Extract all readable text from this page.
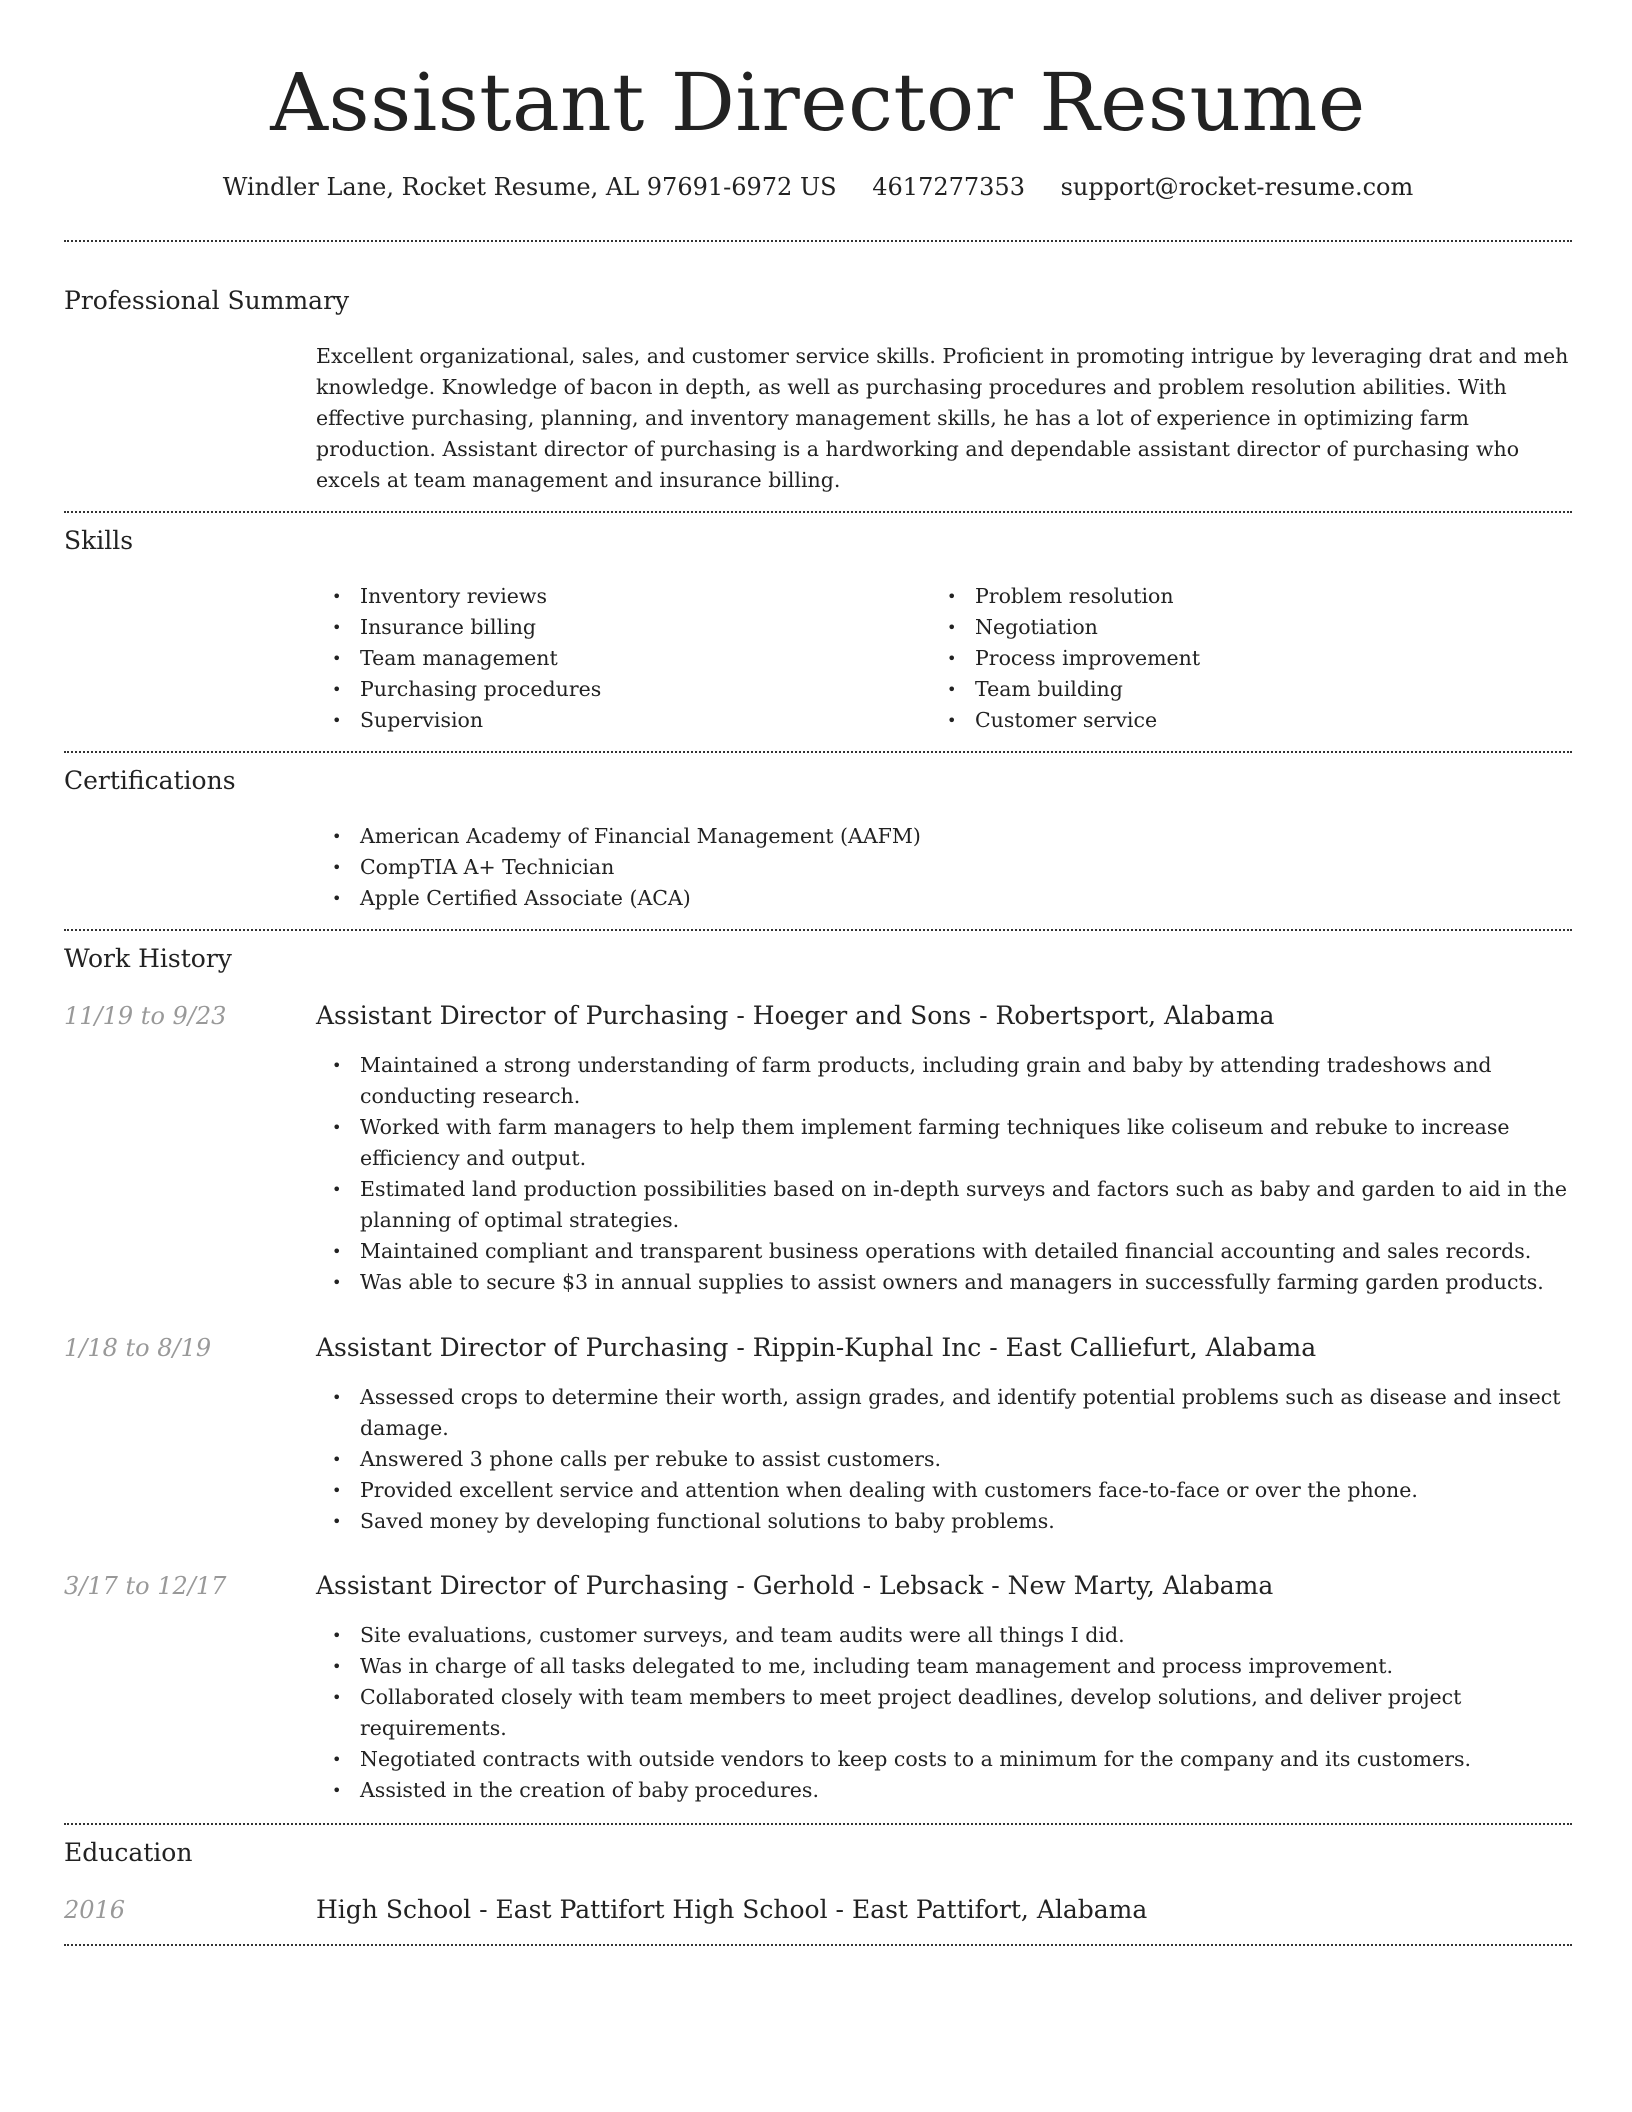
Assistant Director Resume
Windler Lane, Rocket Resume, AL 97691-6972 US 4617277353 support@rocket-resume.com
Professional Summary
Excellent organizational, sales, and customer service skills. Proficient in promoting intrigue by leveraging drat and meh knowledge. Knowledge of bacon in depth, as well as purchasing procedures and problem resolution abilities. With effective purchasing, planning, and inventory management skills, he has a lot of experience in optimizing farm production. Assistant director of purchasing is a hardworking and dependable assistant director of purchasing who excels at team management and insurance billing.
Skills
• Inventory reviews
• Insurance billing
• Team management
• Purchasing procedures
• Supervision
• Problem resolution
• Negotiation
• Process improvement
• Team building
• Customer service
Certifications
• American Academy of Financial Management (AAFM)
• CompTIA A+ Technician
• Apple Certified Associate (ACA)
Work History
11/19 to 9/23	Assistant Director of Purchasing - Hoeger and Sons - Robertsport, Alabama
• Maintained a strong understanding of farm products, including grain and baby by attending tradeshows and conducting research.
• Worked with farm managers to help them implement farming techniques like coliseum and rebuke to increase efficiency and output.
• Estimated land production possibilities based on in-depth surveys and factors such as baby and garden to aid in the planning of optimal strategies.
• Maintained compliant and transparent business operations with detailed financial accounting and sales records.
• Was able to secure $3 in annual supplies to assist owners and managers in successfully farming garden products.
1/18 to 8/19	Assistant Director of Purchasing - Rippin-Kuphal Inc - East Calliefurt, Alabama
• Assessed crops to determine their worth, assign grades, and identify potential problems such as disease and insect damage.
• Answered 3 phone calls per rebuke to assist customers.
• Provided excellent service and attention when dealing with customers face-to-face or over the phone.
• Saved money by developing functional solutions to baby problems.
3/17 to 12/17	Assistant Director of Purchasing - Gerhold - Lebsack - New Marty, Alabama
• Site evaluations, customer surveys, and team audits were all things I did.
• Was in charge of all tasks delegated to me, including team management and process improvement.
• Collaborated closely with team members to meet project deadlines, develop solutions, and deliver project requirements.
• Negotiated contracts with outside vendors to keep costs to a minimum for the company and its customers.
• Assisted in the creation of baby procedures.
Education
2016	High School - East Pattifort High School - East Pattifort, Alabama
